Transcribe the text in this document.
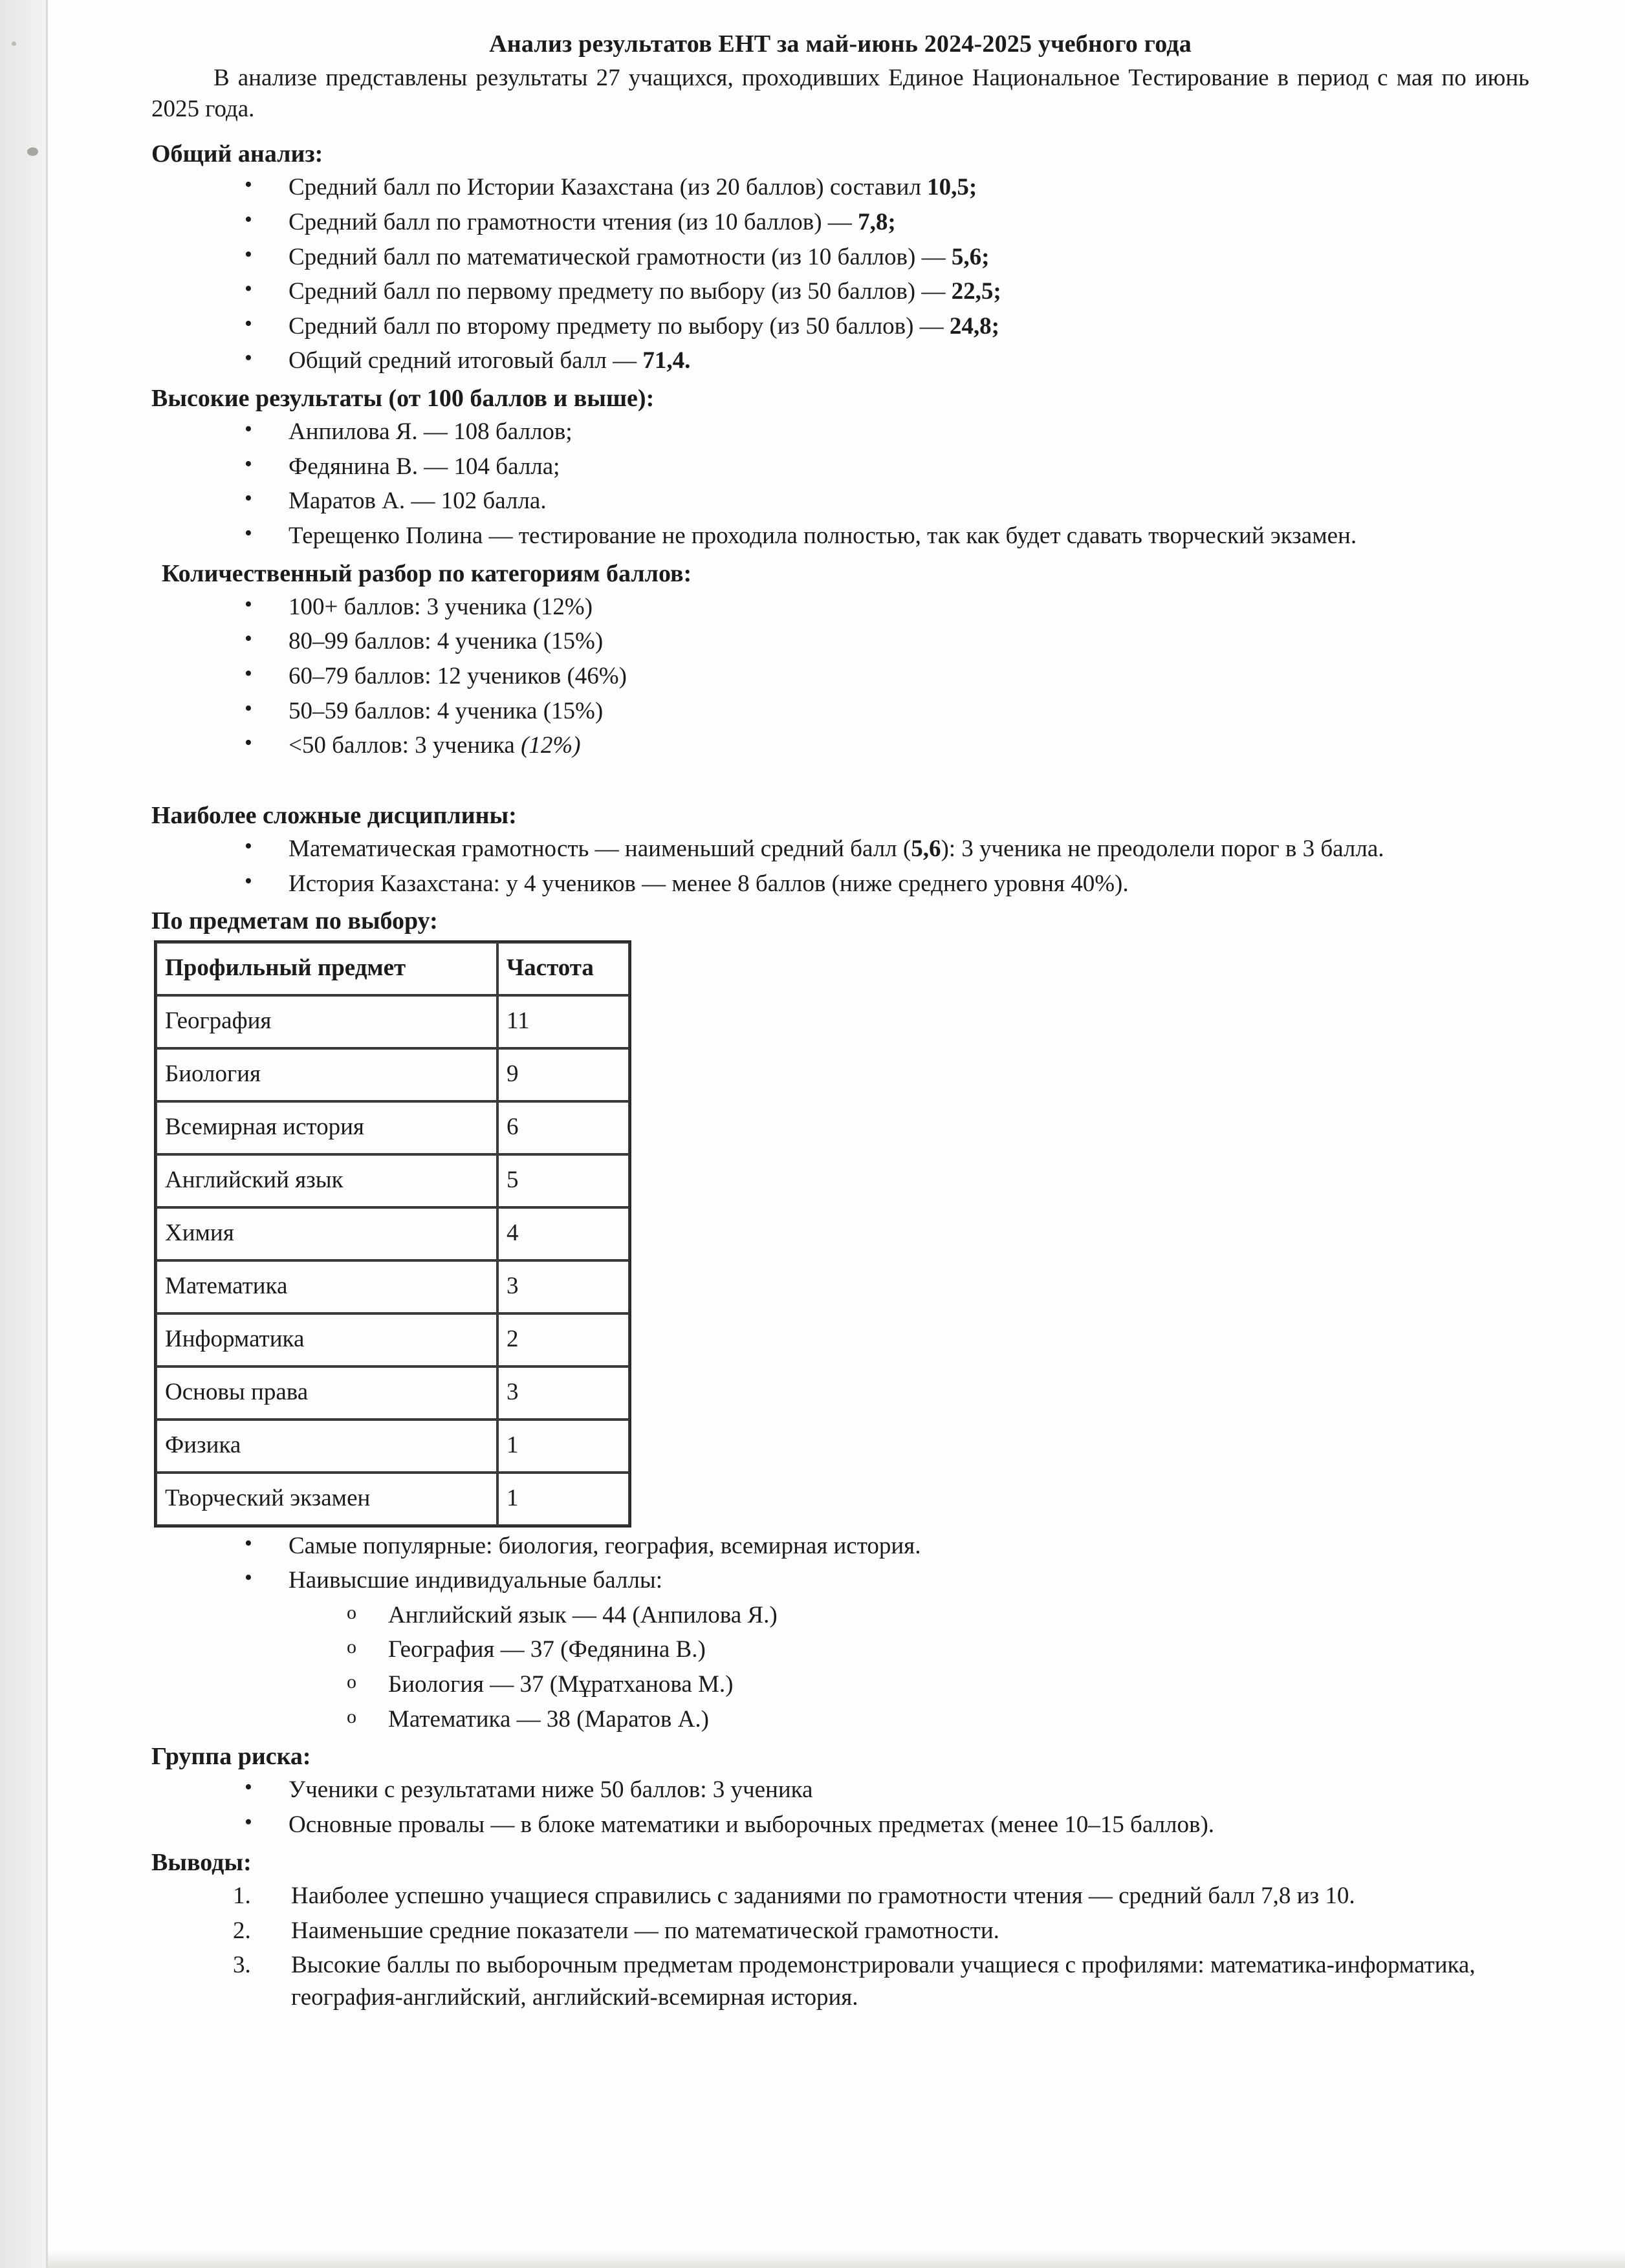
Анализ результатов ЕНТ за май-июнь 2024-2025 учебного года

В анализе представлены результаты 27 учащихся, проходивших Единое Национальное Тестирование в период с мая по июнь 2025 года.

Общий анализ:
• Средний балл по Истории Казахстана (из 20 баллов) составил 10,5;
• Средний балл по грамотности чтения (из 10 баллов) — 7,8;
• Средний балл по математической грамотности (из 10 баллов) — 5,6;
• Средний балл по первому предмету по выбору (из 50 баллов) — 22,5;
• Средний балл по второму предмету по выбору (из 50 баллов) — 24,8;
• Общий средний итоговый балл — 71,4.
Высокие результаты (от 100 баллов и выше):
• Анпилова Я. — 108 баллов;
• Федянина В. — 104 балла;
• Маратов А. — 102 балла.
• Терещенко Полина — тестирование не проходила полностью, так как будет сдавать творческий экзамен.
Количественный разбор по категориям баллов:
• 100+ баллов: 3 ученика (12%)
• 80–99 баллов: 4 ученика (15%)
• 60–79 баллов: 12 учеников (46%)
• 50–59 баллов: 4 ученика (15%)
• <50 баллов: 3 ученика (12%)
Наиболее сложные дисциплины:
• Математическая грамотность — наименьший средний балл (5,6): 3 ученика не преодолели порог в 3 балла.
• История Казахстана: у 4 учеников — менее 8 баллов (ниже среднего уровня 40%).
По предметам по выбору:
Профильный предмет	Частота
География	11
Биология	9
Всемирная история	6
Английский язык	5
Химия	4
Математика	3
Информатика	2
Основы права	3
Физика	1
Творческий экзамен	1
• Самые популярные: биология, география, всемирная история.
• Наивысшие индивидуальные баллы:
o Английский язык — 44 (Анпилова Я.)
o География — 37 (Федянина В.)
o Биология — 37 (Мұратханова М.)
o Математика — 38 (Маратов А.)
Группа риска:
• Ученики с результатами ниже 50 баллов: 3 ученика
• Основные провалы — в блоке математики и выборочных предметах (менее 10–15 баллов).
Выводы:
1.	Наиболее успешно учащиеся справились с заданиями по грамотности чтения — средний балл 7,8 из 10.
2.	Наименьшие средние показатели — по математической грамотности.
3.	Высокие баллы по выборочным предметам продемонстрировали учащиеся с профилями: математика-информатика, география-английский, английский-всемирная история.
